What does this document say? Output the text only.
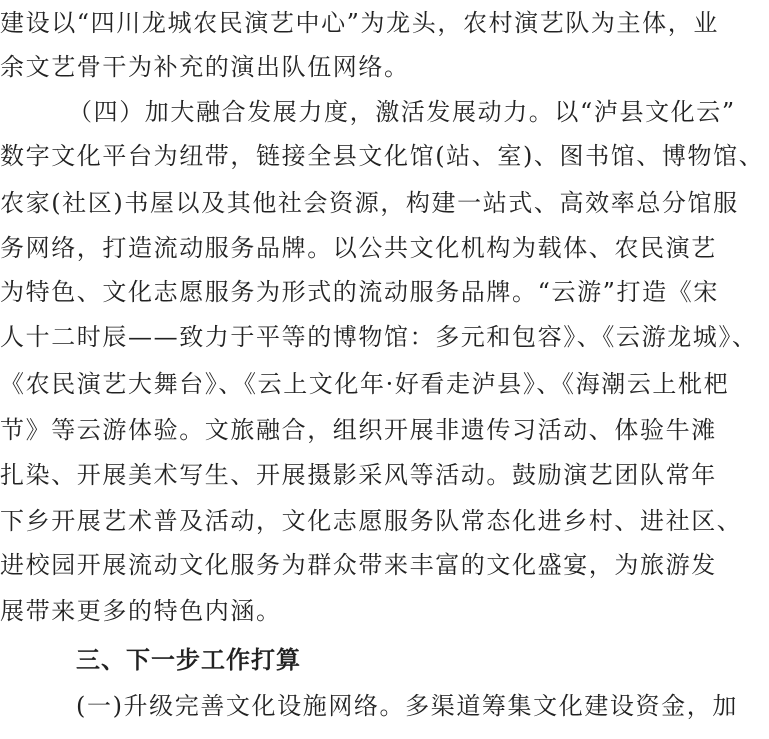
建设以“四川龙城农民演艺中心”为龙头，农村演艺队为主体，业
余文艺骨干为补充的演出队伍网络。
（四）加大融合发展力度，激活发展动力。以“泸县文化云”
数字文化平台为纽带，链接全县文化馆(站、室)、图书馆、博物馆、
农家(社区)书屋以及其他社会资源，构建一站式、高效率总分馆服
务网络，打造流动服务品牌。以公共文化机构为载体、农民演艺
为特色、文化志愿服务为形式的流动服务品牌。“云游”打造《宋
人十二时辰——致力于平等的博物馆：多元和包容》、《云游龙城》、
《农民演艺大舞台》、《云上文化年·好看走泸县》、《海潮云上枇杷
节》等云游体验。文旅融合，组织开展非遗传习活动、体验牛滩
扎染、开展美术写生、开展摄影采风等活动。鼓励演艺团队常年
下乡开展艺术普及活动，文化志愿服务队常态化进乡村、进社区、
进校园开展流动文化服务为群众带来丰富的文化盛宴，为旅游发
展带来更多的特色内涵。
三、下一步工作打算
(一)升级完善文化设施网络。多渠道筹集文化建设资金，加
